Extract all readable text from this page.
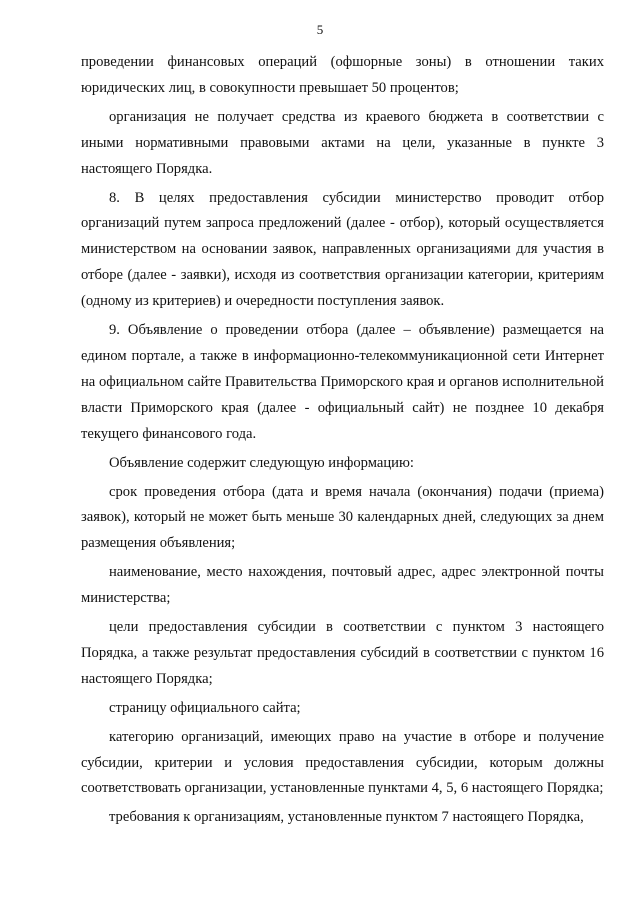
5

проведении финансовых операций (офшорные зоны) в отношении таких юридических лиц, в совокупности превышает 50 процентов;

организация не получает средства из краевого бюджета в соответствии с иными нормативными правовыми актами на цели, указанные в пункте 3 настоящего Порядка.

8. В целях предоставления субсидии министерство проводит отбор организаций путем запроса предложений (далее - отбор), который осуществляется министерством на основании заявок, направленных организациями для участия в отборе (далее - заявки), исходя из соответствия организации категории, критериям (одному из критериев) и очередности поступления заявок.

9. Объявление о проведении отбора (далее – объявление) размещается на едином портале, а также в информационно-телекоммуникационной сети Интернет на официальном сайте Правительства Приморского края и органов исполнительной власти Приморского края (далее - официальный сайт) не позднее 10 декабря текущего финансового года.

Объявление содержит следующую информацию:

срок проведения отбора (дата и время начала (окончания) подачи (приема) заявок), который не может быть меньше 30 календарных дней, следующих за днем размещения объявления;

наименование, место нахождения, почтовый адрес, адрес электронной почты министерства;

цели предоставления субсидии в соответствии с пунктом 3 настоящего Порядка, а также результат предоставления субсидий в соответствии с пунктом 16 настоящего Порядка;

страницу официального сайта;

категорию организаций, имеющих право на участие в отборе и получение субсидии, критерии и условия предоставления субсидии, которым должны соответствовать организации, установленные пунктами 4, 5, 6 настоящего Порядка;

требования к организациям, установленные пунктом 7 настоящего Порядка,
